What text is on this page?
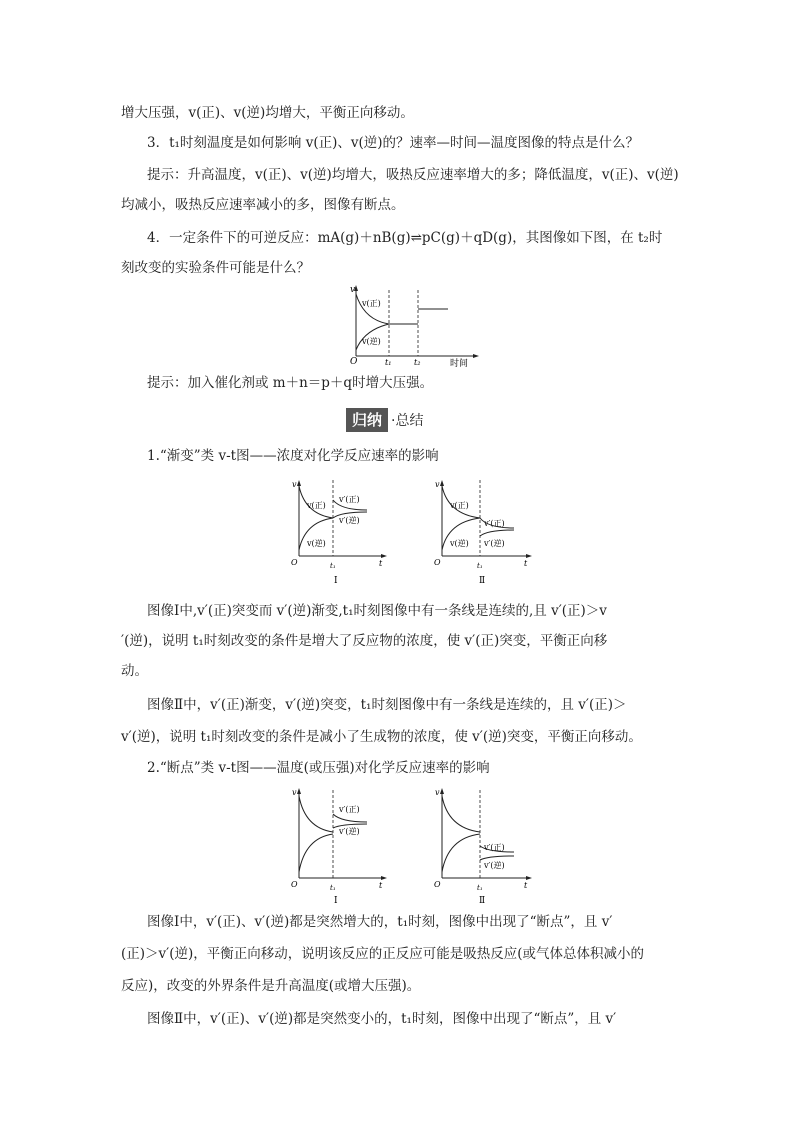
增大压强，v(正)、v(逆)均增大，平衡正向移动。
3．t₁时刻温度是如何影响 v(正)、v(逆)的？速率—时间—温度图像的特点是什么？
提示：升高温度，v(正)、v(逆)均增大，吸热反应速率增大的多；降低温度，v(正)、v(逆)
均减小，吸热反应速率减小的多，图像有断点。
4．一定条件下的可逆反应：mA(g)＋nB(g)⇌pC(g)＋qD(g)，其图像如下图，在 t₂时
刻改变的实验条件可能是什么？
v
v(正)
v(逆)
O	t₁	t₂	时间
提示：加入催化剂或 m＋n＝p＋q时增大压强。
归纳 ·总结
1.“渐变”类 v-t图——浓度对化学反应速率的影响
v
v(正)
v(逆)
v′(正)
v′(逆)
O	t₁	t
Ⅰ
v
v(正)
v(逆)
v′(正)
v′(逆)
O	t₁	t
Ⅱ
图像Ⅰ中,v′(正)突变而 v′(逆)渐变,t₁时刻图像中有一条线是连续的,且 v′(正)＞v
′(逆)，说明 t₁时刻改变的条件是增大了反应物的浓度，使 v′(正)突变，平衡正向移
动。
图像Ⅱ中，v′(正)渐变，v′(逆)突变，t₁时刻图像中有一条线是连续的，且 v′(正)＞
v′(逆)，说明 t₁时刻改变的条件是减小了生成物的浓度，使 v′(逆)突变，平衡正向移动。
2.“断点”类 v-t图——温度(或压强)对化学反应速率的影响
v
v′(正)
v′(逆)
O	t₁	t
Ⅰ
v
v′(正)
v′(逆)
O	t₁	t
Ⅱ
图像Ⅰ中，v′(正)、v′(逆)都是突然增大的，t₁时刻，图像中出现了“断点”，且 v′
(正)＞v′(逆)，平衡正向移动，说明该反应的正反应可能是吸热反应(或气体总体积减小的
反应)，改变的外界条件是升高温度(或增大压强)。
图像Ⅱ中，v′(正)、v′(逆)都是突然变小的，t₁时刻，图像中出现了“断点”，且 v′
